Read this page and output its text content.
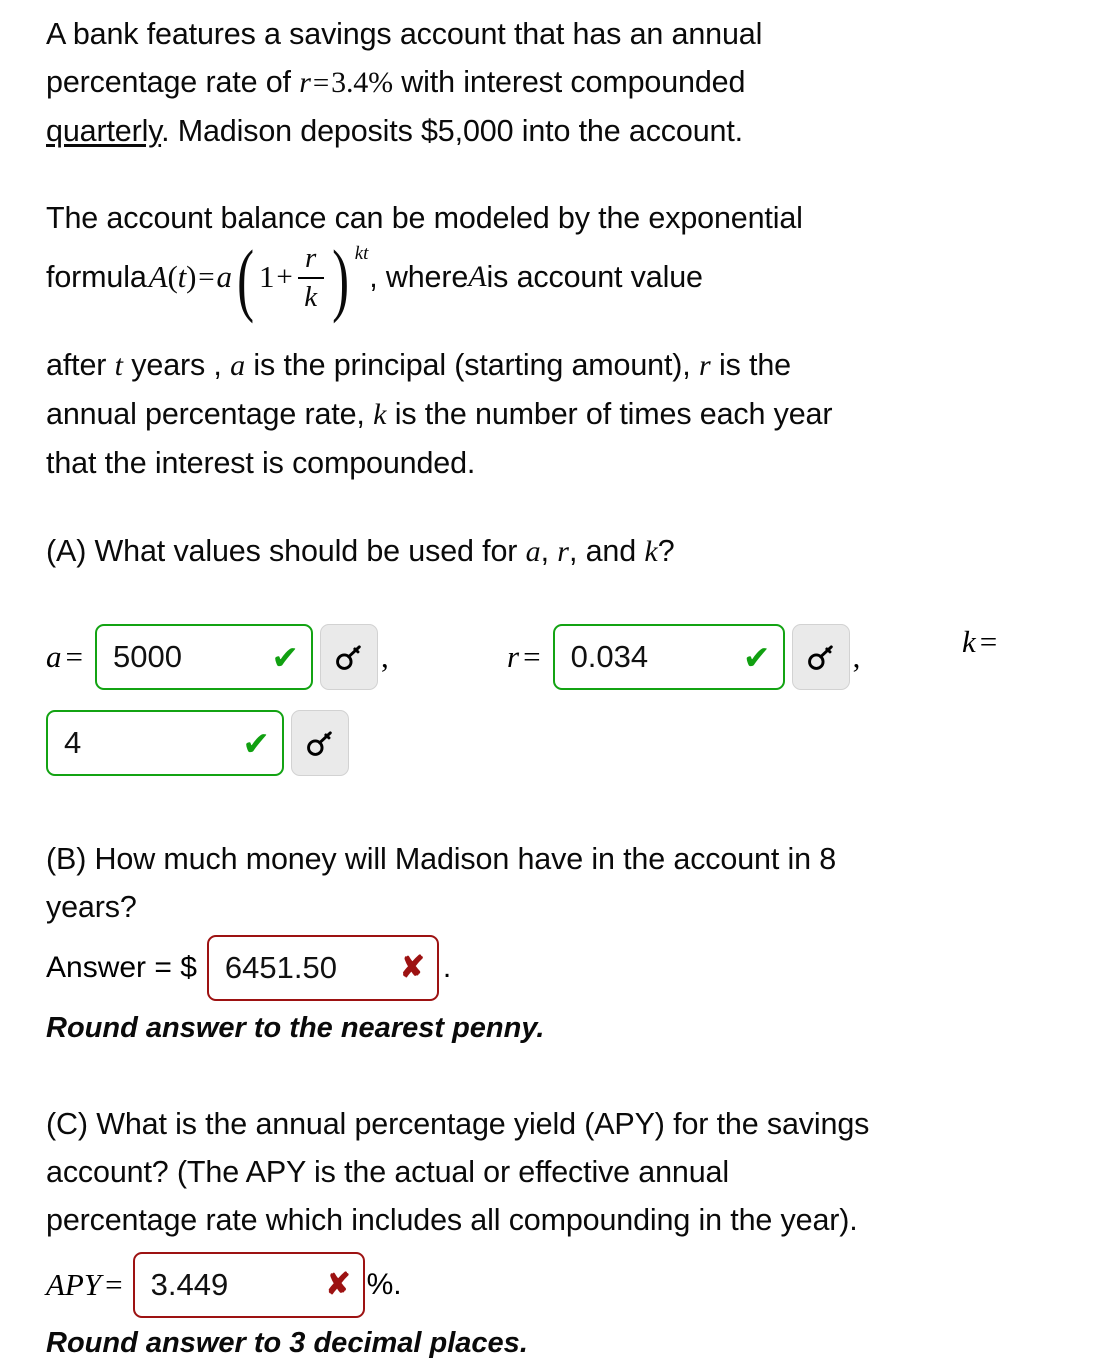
A bank features a savings account that has an annual
percentage rate of r=3.4% with interest compounded
quarterly. Madison deposits $5,000 into the account.
The account balance can be modeled by the exponential
formula A ( t ) = a ( $1 + \frac{r}{k}$ ) kt
, where A is account value
after t years , a is the principal (starting amount), r is the
annual percentage rate, k is the number of times each year
that the interest is compounded.
(A) What values should be used for a, r, and k?
a = 5000	✔	,	r = 0.034	✔	,	k =
4	✔
(B) How much money will Madison have in the account in 8
years?
Answer = $ 6451.50 ✘ .
Round answer to the nearest penny.
(C) What is the annual percentage yield (APY) for the savings
account? (The APY is the actual or effective annual
percentage rate which includes all compounding in the year).
APY = 3.449	✘ %.
Round answer to 3 decimal places.
